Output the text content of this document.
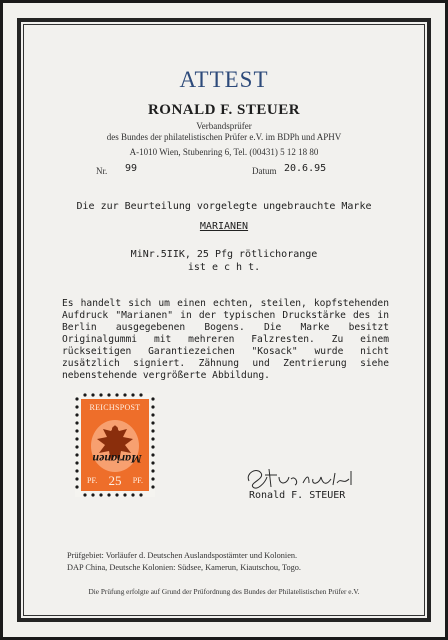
ATTEST
RONALD F. STEUER
Verbandsprüfer
des Bundes der philatelistischen Prüfer e.V. im BDPh und APHV
A-1010 Wien, Stubenring 6, Tel. (00431) 5 12 18 80
Nr. 99	Datum 20.6.95
Die zur Beurteilung vorgelegte ungebrauchte Marke
MARIANEN
MiNr.5IIK, 25 Pfg rötlichorange
ist e c h t.
Es handelt sich um einen echten, steilen, kopfstehenden Aufdruck "Marianen" in der typischen Druckstärke des in Berlin ausgegebenen Bogens. Die Marke besitzt Originalgummi mit mehreren Falzresten. Zu einem rückseitigen Garantiezeichen "Kosack" wurde nicht zusätzlich signiert. Zähnung und Zentrierung siehe nebenstehende vergrößerte Abbildung.
REICHSPOST
Marianen
PF.	PF.
25
Ronald F. STEUER
Prüfgebiet: Vorläufer d. Deutschen Auslandspostämter und Kolonien.
DAP China, Deutsche Kolonien: Südsee, Kamerun, Kiautschou, Togo.
Die Prüfung erfolgte auf Grund der Prüfordnung des Bundes der Philatelistischen Prüfer e.V.
